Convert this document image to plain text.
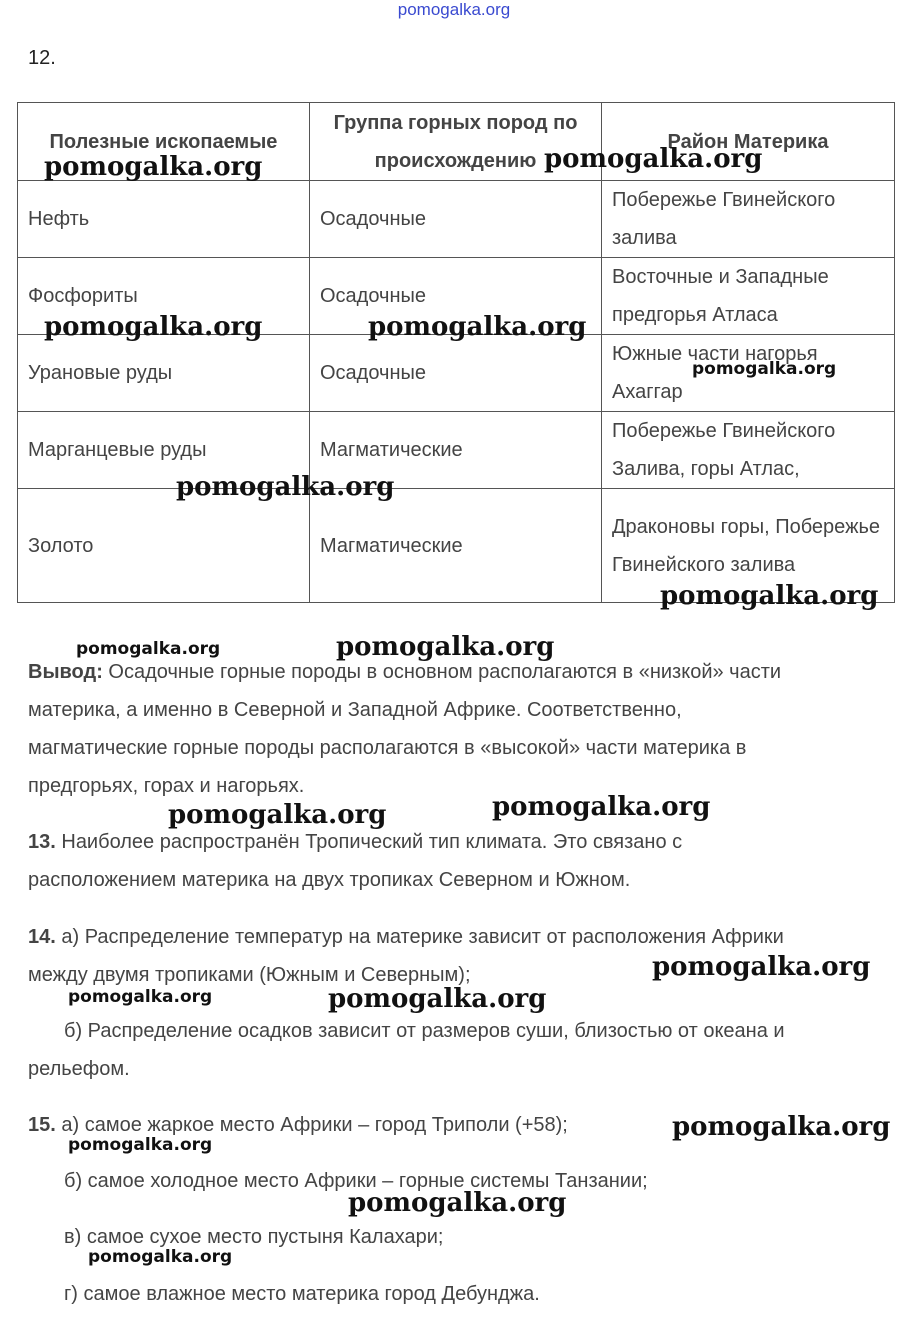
pomogalka.org
12.
Полезные ископаемые	Группа горных пород по происхождению	Район Материка
Нефть	Осадочные	Побережье Гвинейского залива
Фосфориты	Осадочные	Восточные и Западные предгорья Атласа
Урановые руды	Осадочные	Южные части нагорья Ахаггар
Марганцевые руды	Магматические	Побережье Гвинейского Залива, горы Атлас,
Золото	Магматические	Драконовы горы, Побережье Гвинейского залива
Вывод: Осадочные горные породы в основном располагаются в «низкой» части
материка, а именно в Северной и Западной Африке. Соответственно,
магматические горные породы располагаются в «высокой» части материка в
предгорьях, горах и нагорьях.
13. Наиболее распространён Тропический тип климата. Это связано с
расположением материка на двух тропиках Северном и Южном.
14. а) Распределение температур на материке зависит от расположения Африки
между двумя тропиками (Южным и Северным);
б) Распределение осадков зависит от размеров суши, близостью от океана и
рельефом.
15. а) самое жаркое место Африки – город Триполи (+58);
б) самое холодное место Африки – горные системы Танзании;
в) самое сухое место пустыня Калахари;
г) самое влажное место материка город Дебунджа.
pomogalka.org	pomogalka.org
pomogalka.org	pomogalka.org
pomogalka.org
pomogalka.org
pomogalka.org
pomogalka.org	pomogalka.org
pomogalka.org	pomogalka.org
pomogalka.org
pomogalka.org	pomogalka.org
pomogalka.org
pomogalka.org
pomogalka.org
pomogalka.org
